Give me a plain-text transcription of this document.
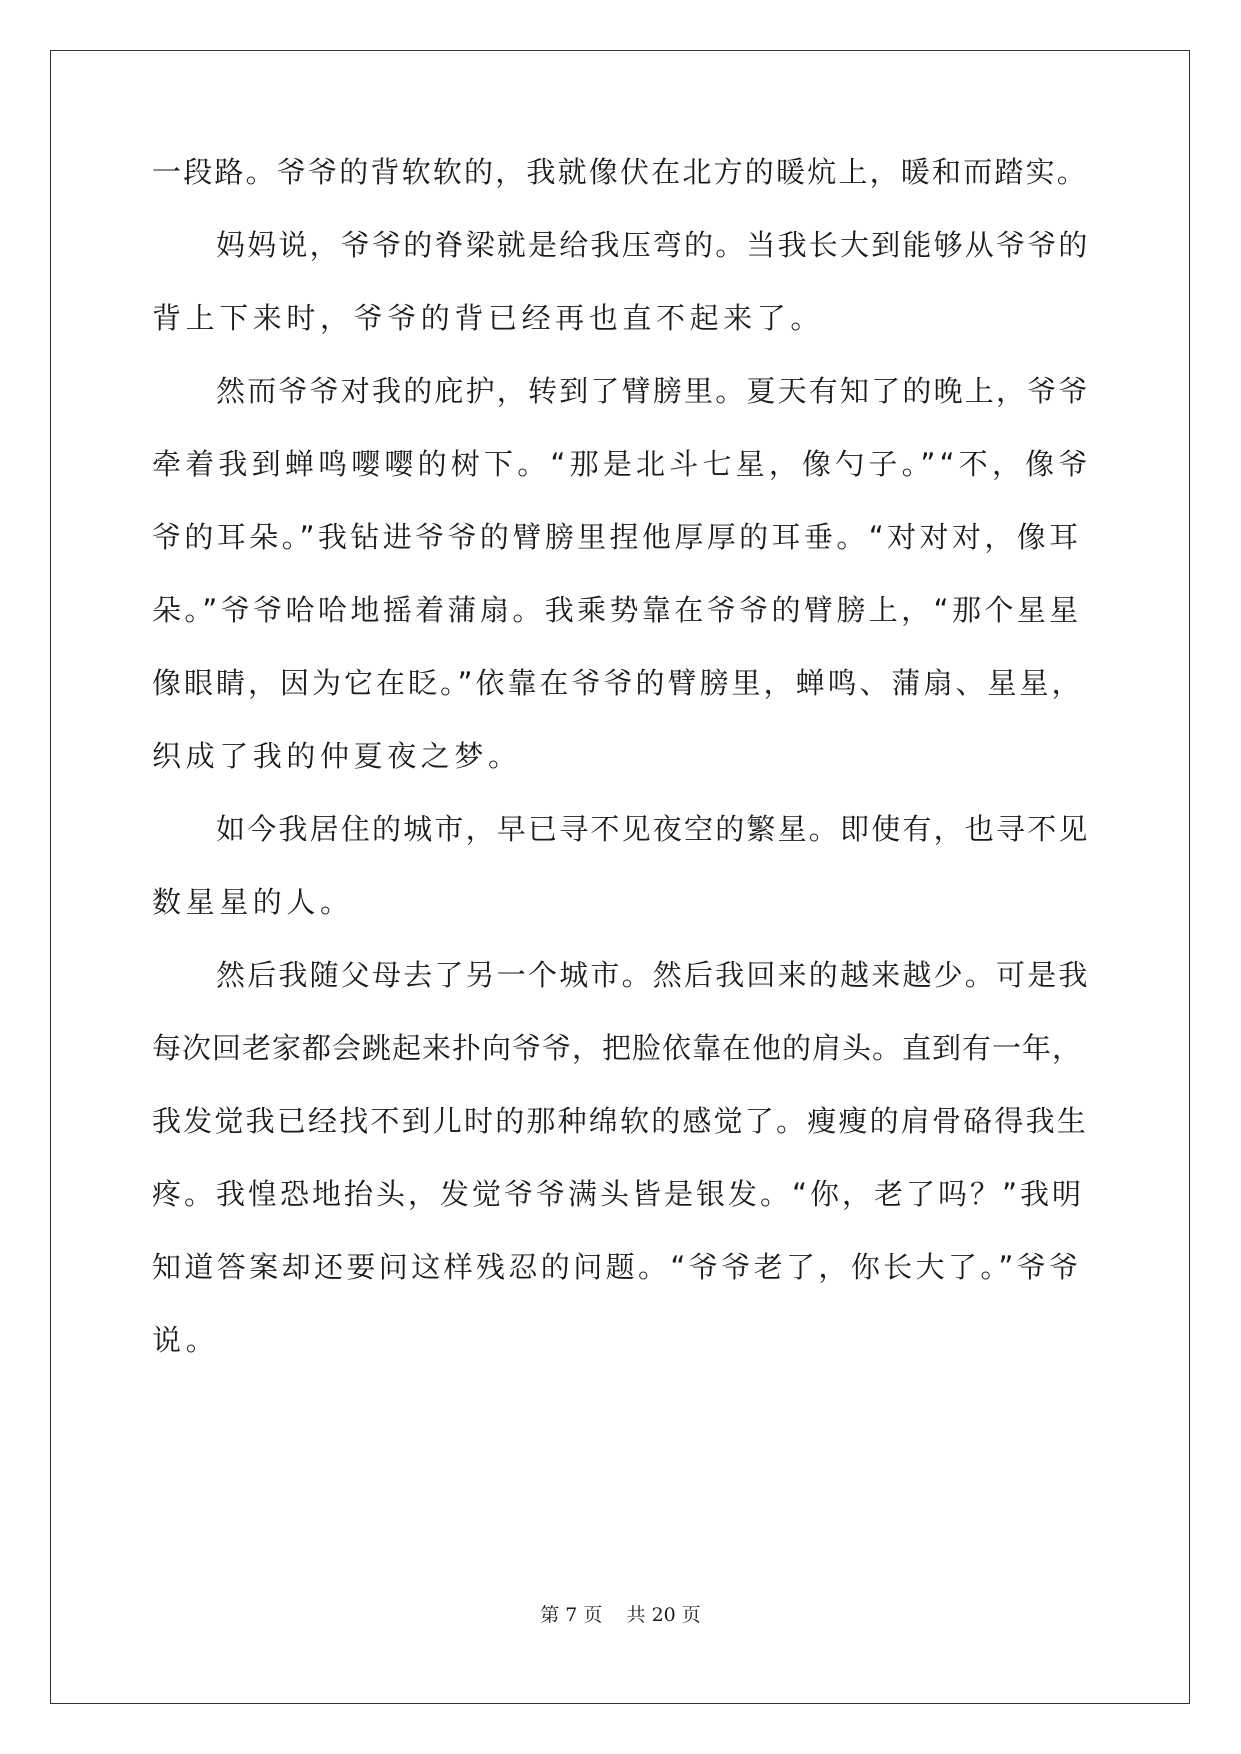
一段路。爷爷的背软软的，我就像伏在北方的暖炕上，暖和而踏实。
妈妈说，爷爷的脊梁就是给我压弯的。当我长大到能够从爷爷的
背上下来时，爷爷的背已经再也直不起来了。
然而爷爷对我的庇护，转到了臂膀里。夏天有知了的晚上，爷爷
牵着我到蝉鸣嘤嘤的树下。“那是北斗七星，像勺子。”“不，像爷
爷的耳朵。”我钻进爷爷的臂膀里捏他厚厚的耳垂。“对对对，像耳
朵。”爷爷哈哈地摇着蒲扇。我乘势靠在爷爷的臂膀上，“那个星星
像眼睛，因为它在眨。”依靠在爷爷的臂膀里，蝉鸣、蒲扇、星星，
织成了我的仲夏夜之梦。
如今我居住的城市，早已寻不见夜空的繁星。即使有，也寻不见
数星星的人。
然后我随父母去了另一个城市。然后我回来的越来越少。可是我
每次回老家都会跳起来扑向爷爷，把脸依靠在他的肩头。直到有一年，
我发觉我已经找不到儿时的那种绵软的感觉了。瘦瘦的肩骨硌得我生
疼。我惶恐地抬头，发觉爷爷满头皆是银发。“你，老了吗？”我明
知道答案却还要问这样残忍的问题。“爷爷老了，你长大了。”爷爷
说。
第 7 页    共 20 页
